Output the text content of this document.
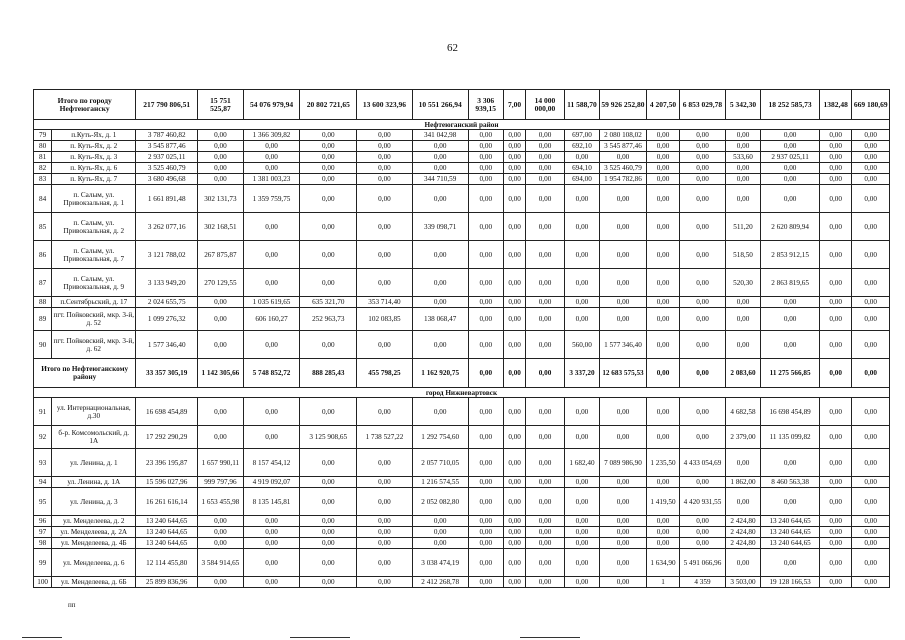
62
Итого по городу Нефтеюганску		217 790 806,51	15 751 525,87	54 076 979,94	20 802 721,65	13 600 323,96	10 551 266,94	3 306 939,15	7,00	14 000 000,00	11 588,70	59 926 252,80	4 207,50	6 853 029,78	5 342,30	18 252 585,73	1382,48	669 180,69
Нефтеюганский район																		
79	п.Куть-Ях, д. 1	3 787 460,82	0,00	1 366 309,82	0,00	0,00	341 042,98	0,00	0,00	0,00	697,00	2 080 108,02	0,00	0,00	0,00	0,00	0,00	0,00
80	п. Куть-Ях, д. 2	3 545 877,46	0,00	0,00	0,00	0,00	0,00	0,00	0,00	0,00	692,10	3 545 877,46	0,00	0,00	0,00	0,00	0,00	0,00
81	п. Куть-Ях, д. 3	2 937 025,11	0,00	0,00	0,00	0,00	0,00	0,00	0,00	0,00	0,00	0,00	0,00	0,00	533,60	2 937 025,11	0,00	0,00
82	п. Куть-Ях, д. 6	3 525 460,79	0,00	0,00	0,00	0,00	0,00	0,00	0,00	0,00	694,10	3 525 460,79	0,00	0,00	0,00	0,00	0,00	0,00
83	п. Куть-Ях, д. 7	3 680 496,68	0,00	1 381 003,23	0,00	0,00	344 710,59	0,00	0,00	0,00	694,00	1 954 782,86	0,00	0,00	0,00	0,00	0,00	0,00
84	п. Салым, ул. Привокзальная, д. 1	1 661 891,48	302 131,73	1 359 759,75	0,00	0,00	0,00	0,00	0,00	0,00	0,00	0,00	0,00	0,00	0,00	0,00	0,00	0,00
85	п. Салым, ул. Привокзальная, д. 2	3 262 077,16	302 168,51	0,00	0,00	0,00	339 098,71	0,00	0,00	0,00	0,00	0,00	0,00	0,00	511,20	2 620 809,94	0,00	0,00
86	п. Салым, ул. Привокзальная, д. 7	3 121 788,02	267 875,87	0,00	0,00	0,00	0,00	0,00	0,00	0,00	0,00	0,00	0,00	0,00	518,50	2 853 912,15	0,00	0,00
87	п. Салым, ул. Привокзальная, д. 9	3 133 949,20	270 129,55	0,00	0,00	0,00	0,00	0,00	0,00	0,00	0,00	0,00	0,00	0,00	520,30	2 863 819,65	0,00	0,00
88	п.Сентябрьский, д. 17	2 024 655,75	0,00	1 035 619,65	635 321,70	353 714,40	0,00	0,00	0,00	0,00	0,00	0,00	0,00	0,00	0,00	0,00	0,00	0,00
89	пгт. Пойковский, мкр. 3-й, д. 52	1 099 276,32	0,00	606 160,27	252 963,73	102 083,85	138 068,47	0,00	0,00	0,00	0,00	0,00	0,00	0,00	0,00	0,00	0,00	0,00
90	пгт. Пойковский, мкр. 3-й, д. 62	1 577 346,40	0,00	0,00	0,00	0,00	0,00	0,00	0,00	0,00	560,00	1 577 346,40	0,00	0,00	0,00	0,00	0,00	0,00
Итого по Нефтеюганскому району		33 357 305,19	1 142 305,66	5 748 852,72	888 285,43	455 798,25	1 162 920,75	0,00	0,00	0,00	3 337,20	12 683 575,53	0,00	0,00	2 083,60	11 275 566,85	0,00	0,00
город Нижневартовск																		
91	ул. Интернациональная, д.30	16 698 454,89	0,00	0,00	0,00	0,00	0,00	0,00	0,00	0,00	0,00	0,00	0,00	0,00	4 682,58	16 698 454,89	0,00	0,00
92	б-р. Комсомольский, д. 1А	17 292 290,29	0,00	0,00	3 125 908,65	1 738 527,22	1 292 754,60	0,00	0,00	0,00	0,00	0,00	0,00	0,00	2 379,00	11 135 099,82	0,00	0,00
93	ул. Ленина, д. 1	23 396 195,87	1 657 990,11	8 157 454,12	0,00	0,00	2 057 710,05	0,00	0,00	0,00	1 682,40	7 089 986,90	1 235,50	4 433 054,69	0,00	0,00	0,00	0,00
94	ул. Ленина, д. 1А	15 596 027,96	999 797,96	4 919 092,07	0,00	0,00	1 216 574,55	0,00	0,00	0,00	0,00	0,00	0,00	0,00	1 862,00	8 460 563,38	0,00	0,00
95	ул. Ленина, д. 3	16 261 616,14	1 653 455,98	8 135 145,81	0,00	0,00	2 052 082,80	0,00	0,00	0,00	0,00	0,00	1 419,50	4 420 931,55	0,00	0,00	0,00	0,00
96	ул. Менделеева, д. 2	13 240 644,65	0,00	0,00	0,00	0,00	0,00	0,00	0,00	0,00	0,00	0,00	0,00	0,00	2 424,80	13 240 644,65	0,00	0,00
97	ул. Менделеева, д. 2А	13 240 644,65	0,00	0,00	0,00	0,00	0,00	0,00	0,00	0,00	0,00	0,00	0,00	0,00	2 424,80	13 240 644,65	0,00	0,00
98	ул. Менделеева, д. 4Б	13 240 644,65	0,00	0,00	0,00	0,00	0,00	0,00	0,00	0,00	0,00	0,00	0,00	0,00	2 424,80	13 240 644,65	0,00	0,00
99	ул. Менделеева, д. 6	12 114 455,80	3 584 914,65	0,00	0,00	0,00	3 038 474,19	0,00	0,00	0,00	0,00	0,00	1 634,90	5 491 066,96	0,00	0,00	0,00	0,00
100	ул. Менделеева, д. 6Б	25 899 836,96	0,00	0,00	0,00	0,00	2 412 268,78	0,00	0,00	0,00	0,00	0,00	1	4 359	3 503,00	19 128 166,53	0,00	0,00
пп
